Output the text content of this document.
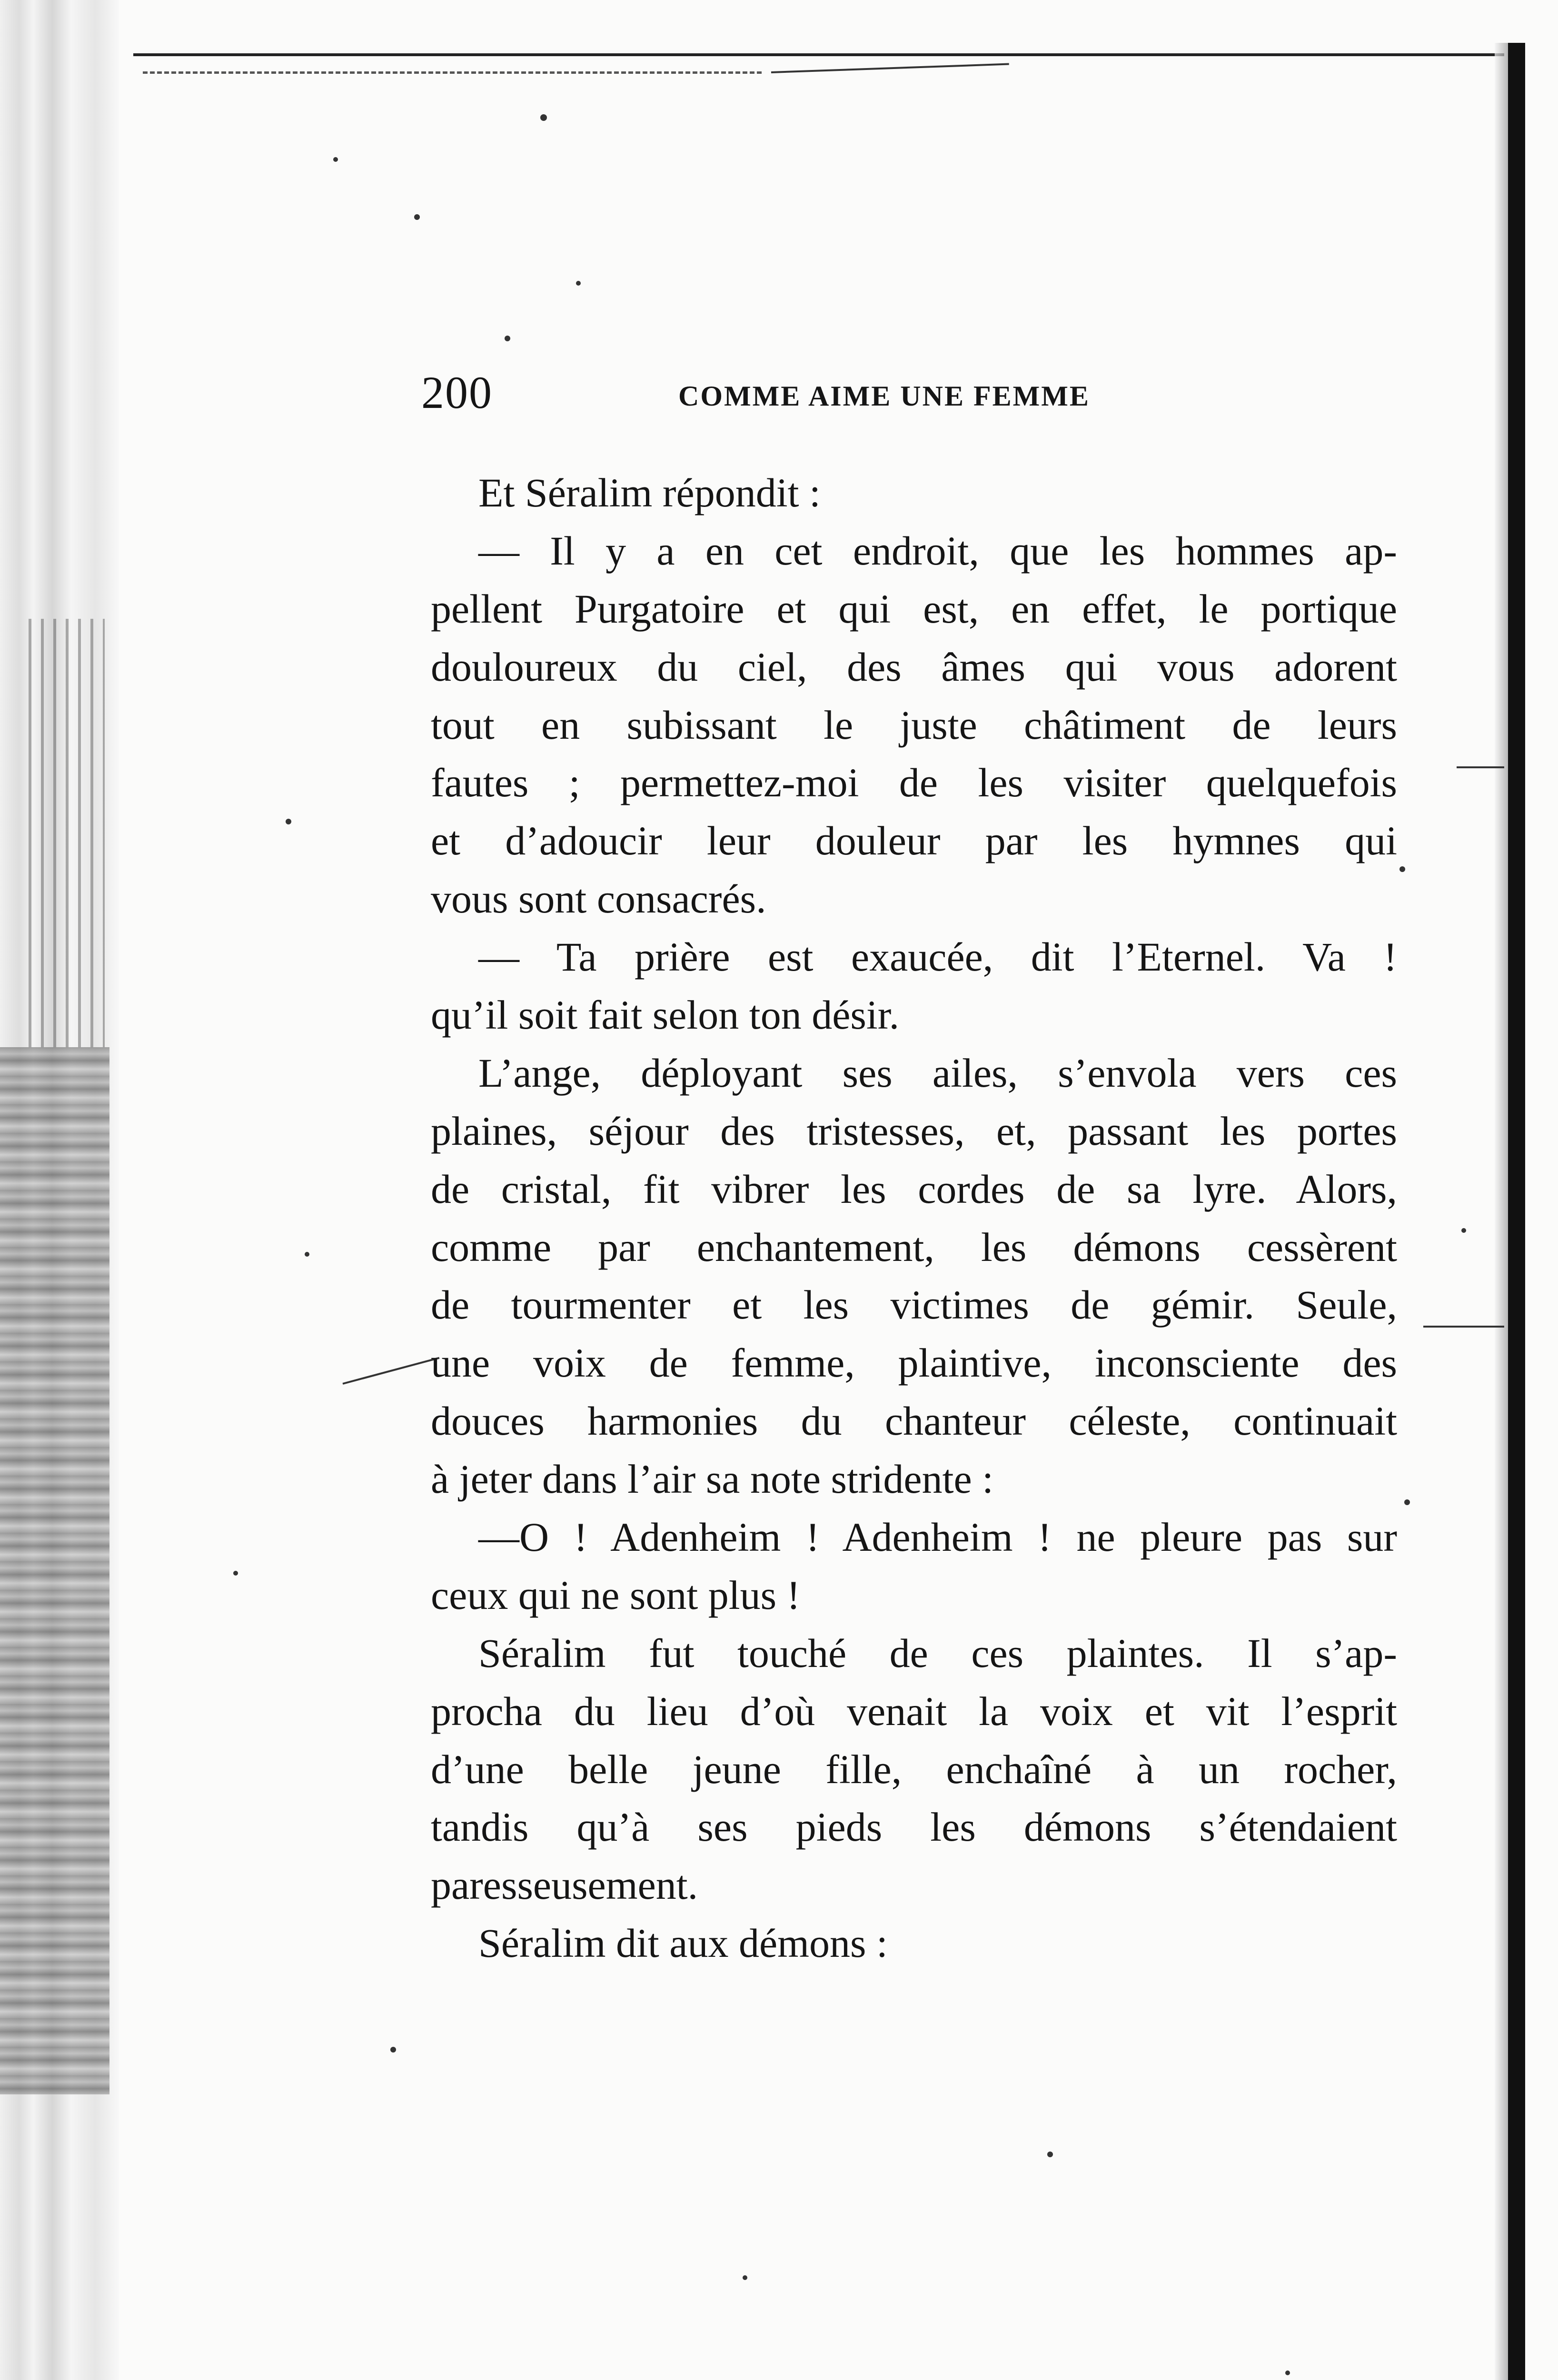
200	COMME AIME UNE FEMME
Et Séralim répondit :
— Il y a en cet endroit, que les hommes ap-
pellent Purgatoire et qui est, en effet, le portique
douloureux du ciel, des âmes qui vous adorent
tout en subissant le juste châtiment de leurs
fautes ; permettez-moi de les visiter quelquefois
et d’adoucir leur douleur par les hymnes qui
vous sont consacrés.
— Ta prière est exaucée, dit l’Eternel. Va !
qu’il soit fait selon ton désir.
L’ange, déployant ses ailes, s’envola vers ces
plaines, séjour des tristesses, et, passant les portes
de cristal, fit vibrer les cordes de sa lyre. Alors,
comme par enchantement, les démons cessèrent
de tourmenter et les victimes de gémir. Seule,
une voix de femme, plaintive, inconsciente des
douces harmonies du chanteur céleste, continuait
à jeter dans l’air sa note stridente :
—O ! Adenheim ! Adenheim ! ne pleure pas sur
ceux qui ne sont plus !
Séralim fut touché de ces plaintes. Il s’ap-
procha du lieu d’où venait la voix et vit l’esprit
d’une belle jeune fille, enchaîné à un rocher,
tandis qu’à ses pieds les démons s’étendaient
paresseusement.
Séralim dit aux démons :
